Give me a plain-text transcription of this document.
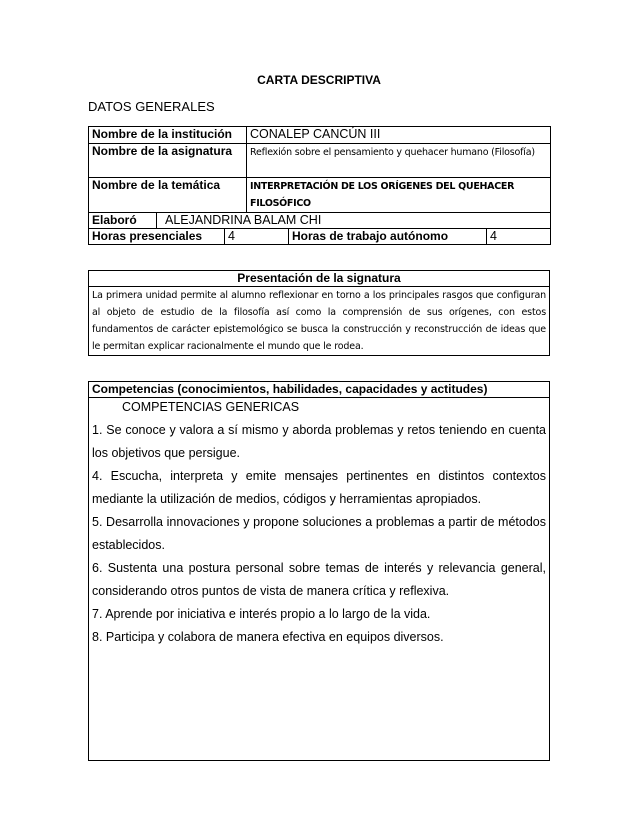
CARTA DESCRIPTIVA
DATOS GENERALES
Nombre de la institución	CONALEP CANCÚN III
Nombre de la asignatura	Reflexión sobre el pensamiento y quehacer humano (Filosofía)
Nombre de la temática	INTERPRETACIÓN DE LOS ORÍGENES DEL QUEHACER FILOSÓFICO
Elaboró	ALEJANDRINA BALAM CHI			
Horas presenciales		4	Horas de trabajo autónomo	4
Presentación de la signatura
La primera unidad permite al alumno reflexionar en torno a los principales rasgos que configuran al objeto de estudio de la filosofía así como la comprensión de sus orígenes, con estos fundamentos de carácter epistemológico se busca la construcción y reconstrucción de ideas que le permitan explicar racionalmente el mundo que le rodea.
Competencias (conocimientos, habilidades, capacidades y actitudes)

COMPETENCIAS GENERICAS

1. Se conoce y valora a sí mismo y aborda problemas y retos teniendo en cuenta los objetivos que persigue.

4. Escucha, interpreta y emite mensajes pertinentes en distintos contextos mediante la utilización de medios, códigos y herramientas apropiados.

5. Desarrolla innovaciones y propone soluciones a problemas a partir de métodos establecidos.

6. Sustenta una postura personal sobre temas de interés y relevancia general, considerando otros puntos de vista de manera crítica y reflexiva.

7. Aprende por iniciativa e interés propio a lo largo de la vida.

8. Participa y colabora de manera efectiva en equipos diversos.
